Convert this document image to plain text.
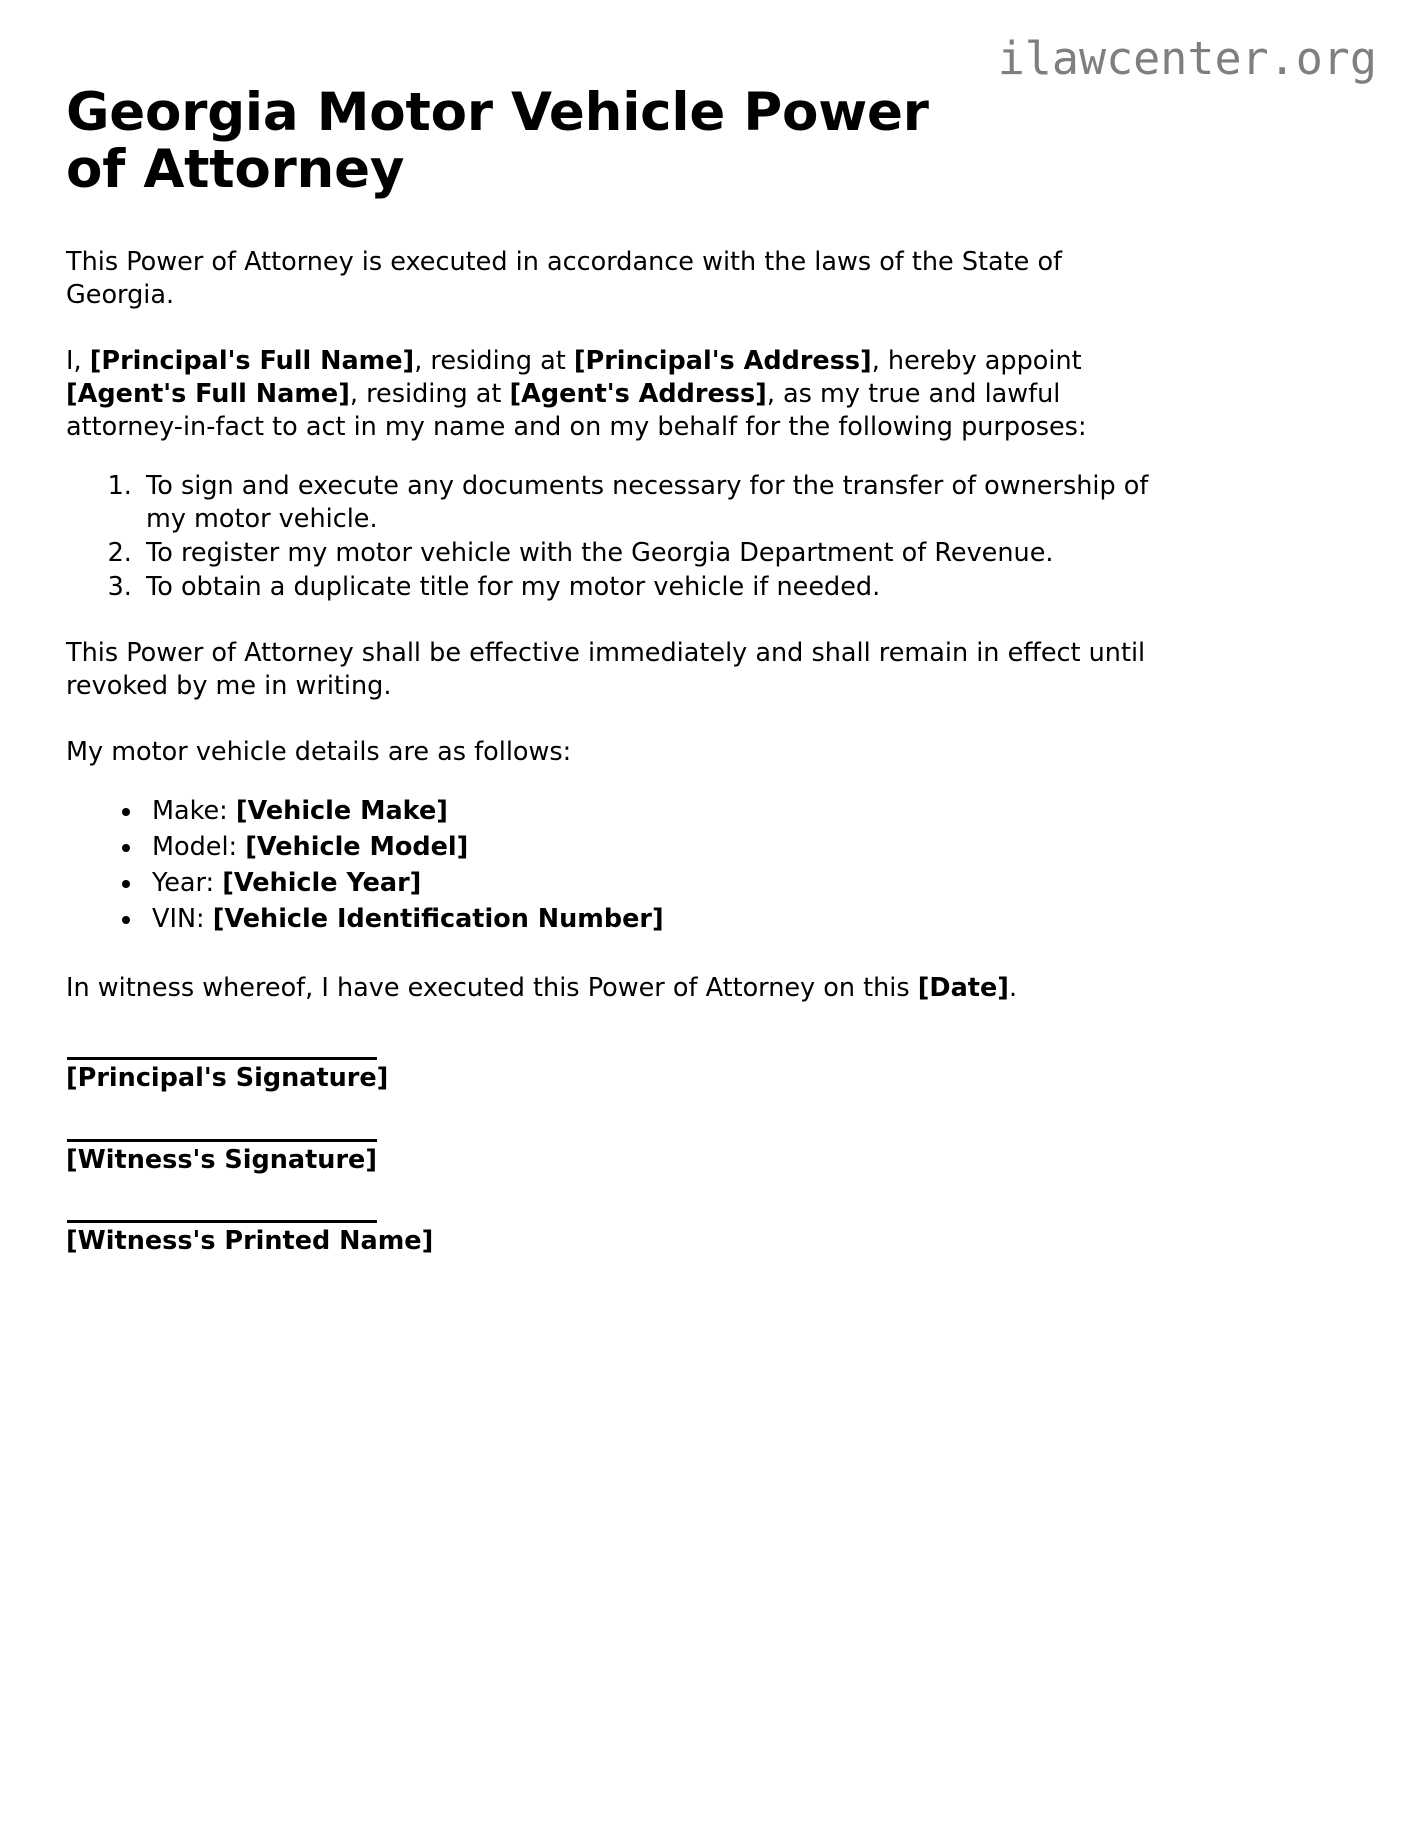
ilawcenter.org
Georgia Motor Vehicle Power of Attorney

This Power of Attorney is executed in accordance with the laws of the State of Georgia.

I, [Principal's Full Name], residing at [Principal's Address], hereby appoint [Agent's Full Name], residing at [Agent's Address], as my true and lawful attorney-in-fact to act in my name and on my behalf for the following purposes:

1. To sign and execute any documents necessary for the transfer of ownership of my motor vehicle.
2. To register my motor vehicle with the Georgia Department of Revenue.
3. To obtain a duplicate title for my motor vehicle if needed.

This Power of Attorney shall be effective immediately and shall remain in effect until revoked by me in writing.

My motor vehicle details are as follows:

• Make: [Vehicle Make]
• Model: [Vehicle Model]
• Year: [Vehicle Year]
• VIN: [Vehicle Identification Number]

In witness whereof, I have executed this Power of Attorney on this [Date].

[Principal's Signature]

[Witness's Signature]

[Witness's Printed Name]
